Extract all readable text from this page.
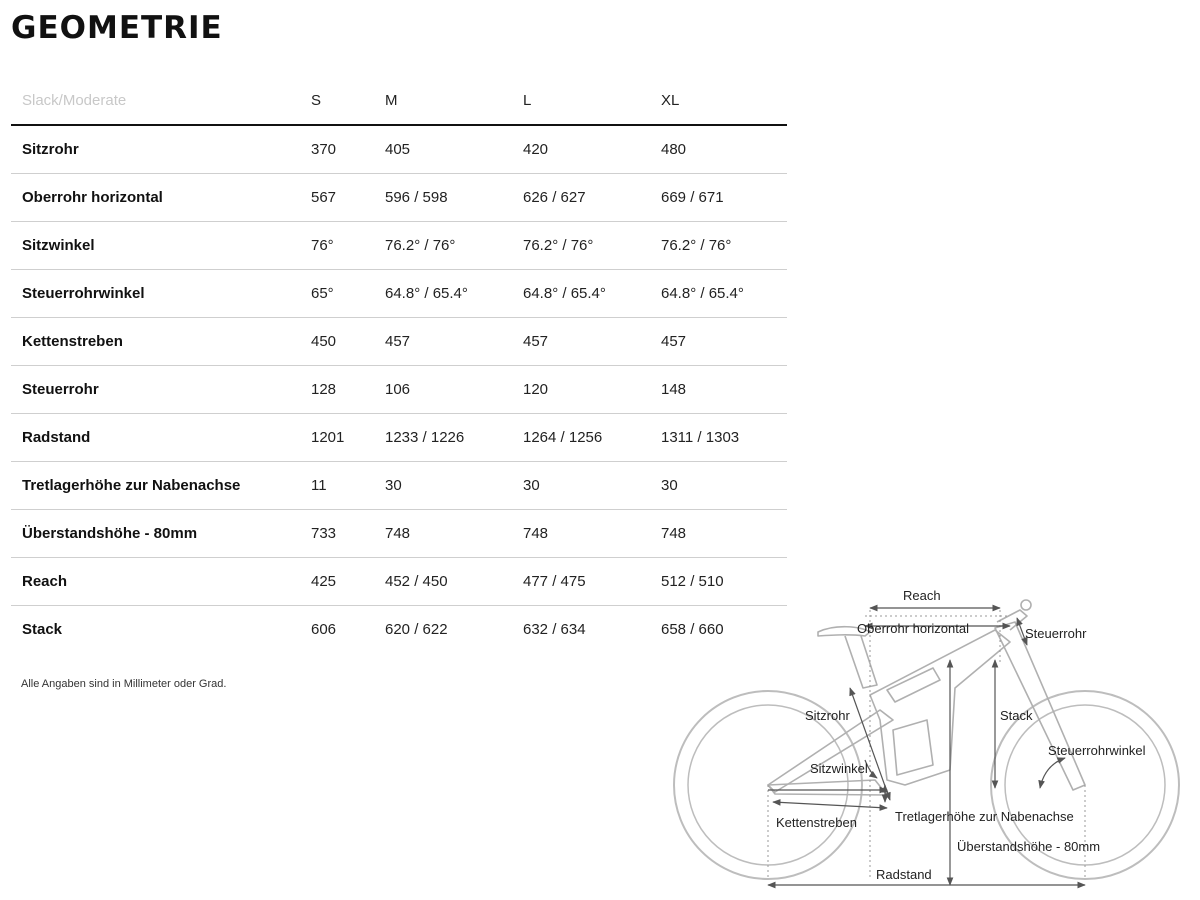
GEOMETRIE
Slack/Moderate	S	M	L	XL
Sitzrohr	370	405	420	480
Oberrohr horizontal	567	596 / 598	626 / 627	669 / 671
Sitzwinkel	76°	76.2° / 76°	76.2° / 76°	76.2° / 76°
Steuerrohrwinkel	65°	64.8° / 65.4°	64.8° / 65.4°	64.8° / 65.4°
Kettenstreben	450	457	457	457
Steuerrohr	128	106	120	148
Radstand	1201	1233 / 1226	1264 / 1256	1311 / 1303
Tretlagerhöhe zur Nabenachse	11	30	30	30
Überstandshöhe - 80mm	733	748	748	748
Reach	425	452 / 450	477 / 475	512 / 510
Stack	606	620 / 622	632 / 634	658 / 660
Alle Angaben sind in Millimeter oder Grad.
Reach
Oberrohr horizontal	Steuerrohr
Sitzrohr	Stack
Steuerrohrwinkel
Sitzwinkel
Kettenstreben	Tretlagerhöhe zur Nabenachse
Überstandshöhe - 80mm
Radstand
